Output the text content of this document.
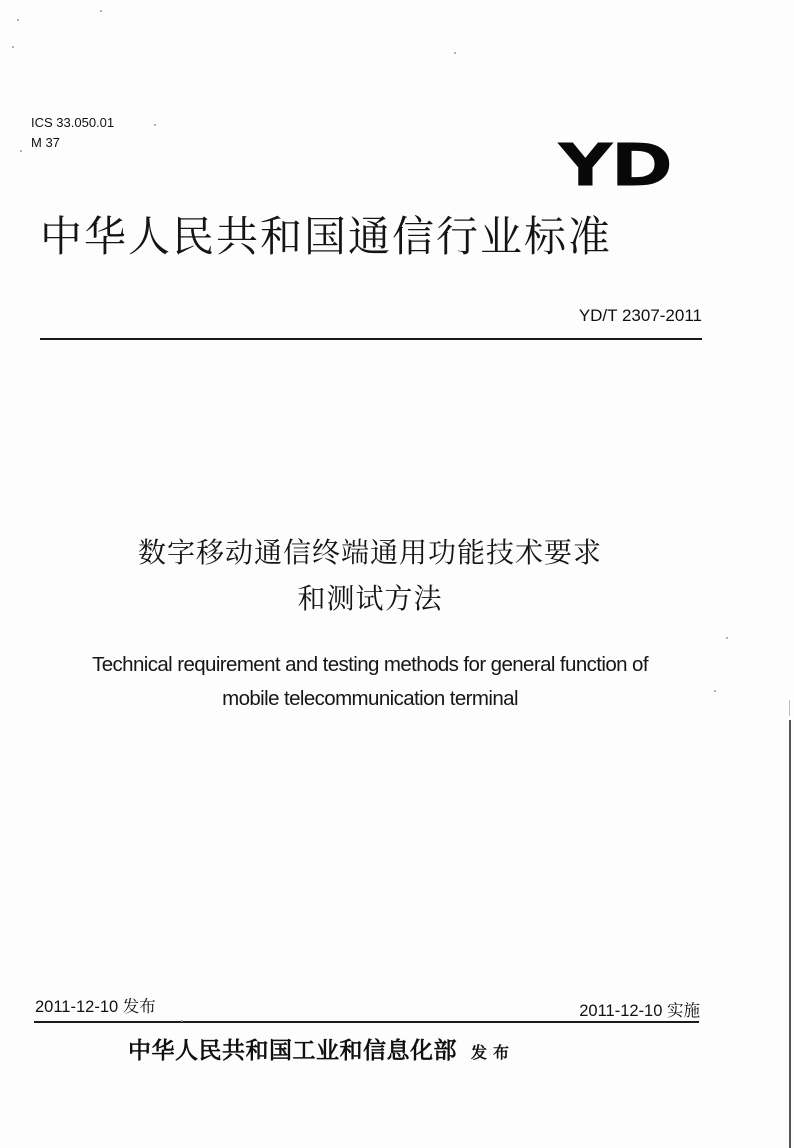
ICS 33.050.01
M 37	YD
中华人民共和国通信行业标准
YD/T 2307-2011
数字移动通信终端通用功能技术要求
和测试方法
Technical requirement and testing methods for general function of
mobile telecommunication terminal
2011-12-10 发布	2011-12-10 实施
中华人民共和国工业和信息化部 发布
